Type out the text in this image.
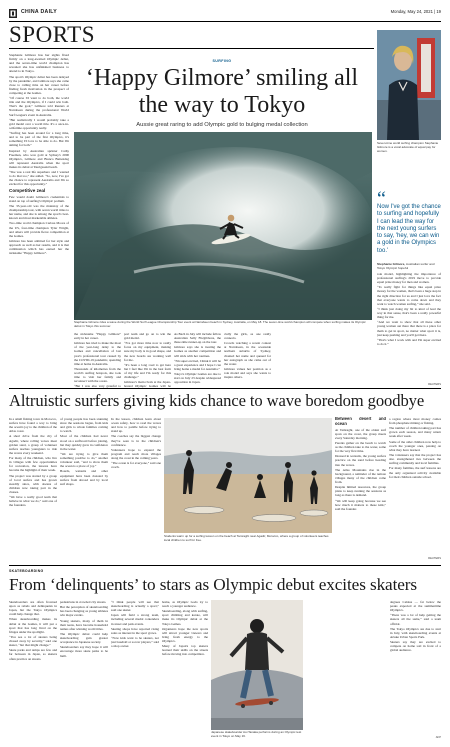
CHINA DAILY	Monday, May 24, 2021 | 19
SPORTS

Stephanie Gilmore has her sights fixed firmly on a long-awaited Olympic debut, and the seven-time world champion has revealed she has unfinished business to attend to in Tokyo.

The sport's Olympic debut has been delayed by the pandemic, and Gilmore says she came close to calling time on her career before finding fresh motivation in the prospect of competing at the Games.

“Of course I'd want to do both, the world title and the Olympics, if I could win both. That's the goal,” Gilmore told Reuters at Narrabeen during the professional World Surf League's event in Australia.

“But realistically I would probably take a gold medal over a world title. It's a once-in-a-lifetime opportunity really.

“Surfing has been around for a long time, and to be part of the first Olympics, it's something I'd love to be able to do. But I'm aiming for both.”

Inspired by Australian sprinter Cathy Freeman, who won gold at Sydney's 2000 Olympics, Gilmore and Bianca Buitendag will represent Australia when the sport makes its debut at Tsurigasaki beach.

“She was a real life superhero and I wanted to do that too,” she added. “So, now, I've got the chance to represent Australia and I'm so excited for this opportunity.”

Competitive zeal

Few would doubt Gilmore's credentials to stand on top of surfing's Olympic podium.

The 33-year-old was the mainstay of the championship tour, with seven world titles to her name, and she is among the sport's best-known and most marketable athletes.

Two-time world champion Carissa Moore of the US, four-time champion Tyler Wright, and others will provide fierce competition at the Games.

Gilmore has been admired for her style and approach as well as her results, and it is that combination which has earned her the nickname “Happy Gilmore”.

SURFING
‘Happy Gilmore’ smiling all the way to Tokyo
Aussie great raring to add Olympic gold to bulging medal collection
Stephanie Gilmore rides a wave during the World Surf League Championship Tour event at Narrabeen beach in Sydney, Australia, on May 18. The seven-time world champion will compete when surfing makes its Olympic debut in Tokyo this summer.

the nickname “Happy Gilmore” early in her career.

Gilmore has tried to make the most of the year-long delay to the Games and cancellation of last year's professional tour caused by the COVID-19 pandemic, spending time at home in Australia.

Thousands of kilometres from the world's surfing hotspots, she took time to visit her family and reconnect with the ocean.

“But I was also very grateful to

port team and go on to win the gold medal.

“I've got more time now to really focus on my equipment, making sure my body is in good shape, and the new boards are working well for me.

“It's been a long road to get here but I feel like I'm in the best form of my life and I'm ready for this challenge.”

Gilmore's main rivals at the Japan-hosted Olympic Games will be

As Bach in July will include fellow Australian Sally Fitzgibbons, the three-time runner-up on the tour.

Gilmore says she is treating the Games as another competition and will stick with her routines.

“I'm super excited, I think it will be a great experience and I hope I can bring home a medal for Australia.”

Tokyo's Olympic Games are due to start on July 23 despite widespread opposition in Japan.

cially the girls, as one really connects.

Crowds watching a recent contest at Narrabeen, in the oceanside northern suburbs of Sydney, chanted her name and queued for her autograph as she came out of the water.

Gilmore values her position as a role model and says she wants to inspire others.

Seven-time world surfing champion Stephanie Gilmore is a vocal advocate of equal pay for women.
“
Now I've got the chance to surfing and hopefully I can lead the way for the next young surfers to say, 'hey, we can win a gold in the Olympics too.'
Stephanie Gilmore, Australian surfer and Tokyo Olympic hopeful

role model, highlighting the importance of professional surfing's 2019 move to provide equal prize money for men and women.

“To really fight for things like equal prize money for the women, that's been a huge step in the right direction for us and I just love the fact that everyone wants to come down and they want to watch women surfing,” she said.

“I think just doing my bit to kind of lead the way in that sense, that's been a really powerful thing for me.

“And we want to show that all these other young women out there that there is a place for them to get in sport, no matter what sport it is, just keep pushing and you'll get there.

“That's what I work with and I'm super excited to do it.”

REUTERS
Altruistic surfers giving kids chance to wave boredom goodbye

In a small fishing town in Morocco, surfers have found a way to bring the ocean's joy to the children of the Atlas coast.

A short drive from the city of Agadir, where rolling waves meet golden sand, a group of volunteer surfers teaches youngsters to ride the waves every weekend.

For many of the children, who live in villages with few opportunities for recreation, the lessons have become the highlight of their week.

The project was started by a group of local surfers and has grown steadily since, with dozens of children now taking part in the classes.

“We have a really good team that believe in what we do,” said one of the founders.

of young people has been stunning since the sessions began, from kids and girls to whole families coming to watch.

Most of the children had never stood on a surfboard before joining, but they quickly grew in confidence in the water.

“We are trying to give them something positive to do,” another volunteer said, “and to show them the ocean is a place of joy.”

Boards, wetsuits and other equipment have been donated by surfers from abroad and by local surf shops.

In the lesson, children learn about ocean safety, how to read the waves and how to paddle before trying to stand up.

The coaches say the biggest change they've seen is in the children's confidence.

Volunteers hope to expand the program and reach more villages along the coast in the coming years.

“The ocean is for everyone,” said one coach.

Students warm up for a surfing lesson on the beach at Tamraght near Agadir, Morocco, where a group of volunteers teaches local children to surf for free.

Between desert and ocean

At Tamraght, one of the oldest surf spots on the coast, the group meets every Saturday morning.

Parents gather on the beach to watch as the children take to the water, some for the very first time.

Dressed in wetsuits, the young surfers practice on the sand before heading into the waves.

The Atlas Mountains rise in the background, a reminder of the remote villages many of the children come from.

Despite limited resources, the group plans to keep running the sessions as long as there is demand.

“We will keep going because we see how much it matters to these kids,” said the founder.

a region where most money comes from phosphate mining or fishing.

The number of children taking part has grown each season, and many return week after week.

Some of the older children now help to coach the younger ones, passing on what they have learned.

The volunteers say that the project has also strengthened ties between the surfing community and local families.

For many families, the surf lessons are the only organized activity available for their children outside school.

REUTERS
SKATEBOARDING
From ‘delinquents’ to stars as Olympic debut excites skaters

Skateboarders are often frowned upon as rebels and delinquents in Japan, but the Tokyo Olympics could help change that.

When skateboarding makes its debut at the Games, it will put a sport that has long lived on the fringes under the spotlight.

“You see a lot of skaters being chased away by security,” said one skater, “but that might change.”

Skate parks and ramps are few and far between in Japan, so skaters often practice on streets.

pedestrians in crowded city streets.

But the perception of skateboarding has been changing as young athletes win major events.

Young skaters, many of them in their teens, have become household names after winning world titles.

The Olympic debut could help skateboarding gain greater acceptance in Japanese society.

Skateboarders say they hope it will encourage more skate parks to be built.

“I think people will see that skateboarding is actually a sport,” said one skater.

Japan will field a strong team, including several medal contenders in street and park events.

Skating shops have reported rising sales as interest in the sport grows.

“Now kids want to be skaters, not just baseball or soccer players,” said a shop owner.

home, as Olympic Gods try to reach a younger audience.

Skateboarding, along with surfing, sport climbing and karate, will make its Olympic debut at the Tokyo Games.

Organizers hope the new sports will attract younger viewers and bring fresh energy to the Olympics.

Many of Japan's top skaters learned their skills on the streets before moving into competition.

Japanese skateboarder Aoi Tanaka performs during an Olympic test event in Tokyo on May 16.

degrees Celsius — far below the peaks expected at the summertime Olympics.

“There was a lot of help getting the skaters all the same,” said a team official.

The Tokyo Olympics are due to start in July, with skateboarding events at Ariake Urban Sports Park.

Skaters say they are excited to compete on home soil in front of a global audience.

AFP
